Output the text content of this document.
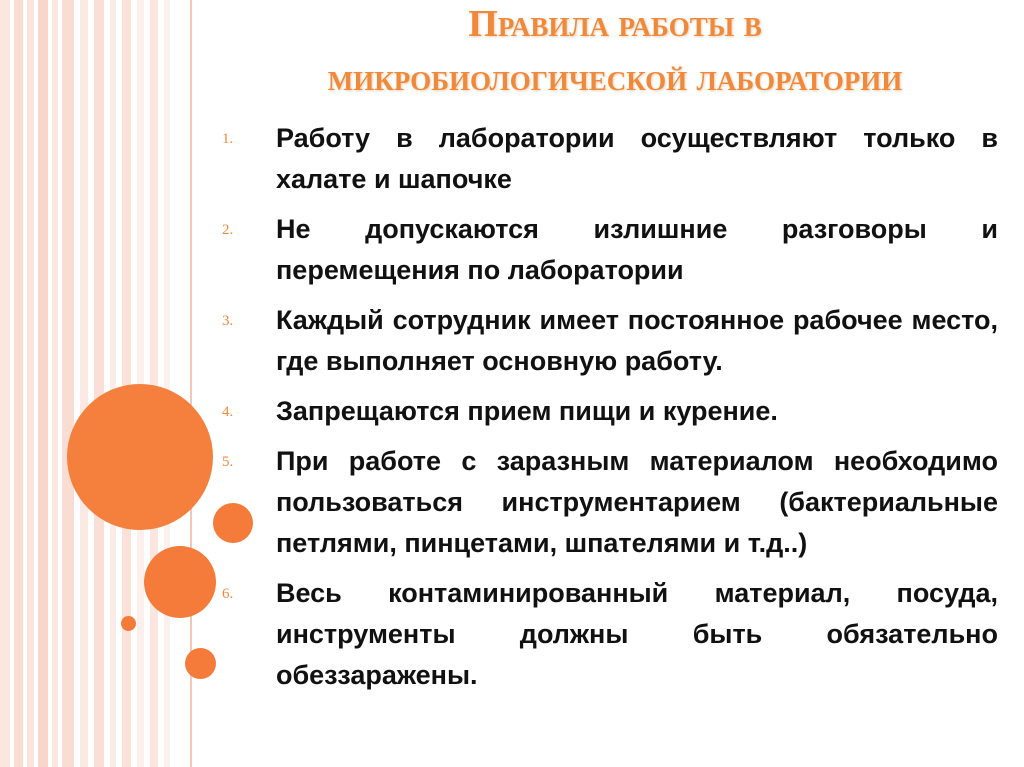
Правила работы в
микробиологической лаборатории
1.	Работу в лаборатории осуществляют только в халате и шапочке
2.	Не допускаются излишние разговоры и перемещения по лаборатории
3.	Каждый сотрудник имеет постоянное рабочее место, где выполняет основную работу.
4.	Запрещаются прием пищи и курение.
5.	При работе с заразным материалом необходимо пользоваться инструментарием (бактериальные петлями, пинцетами, шпателями и т.д..)
6.	Весь контаминированный материал, посуда, инструменты должны быть обязательно обеззаражены.
